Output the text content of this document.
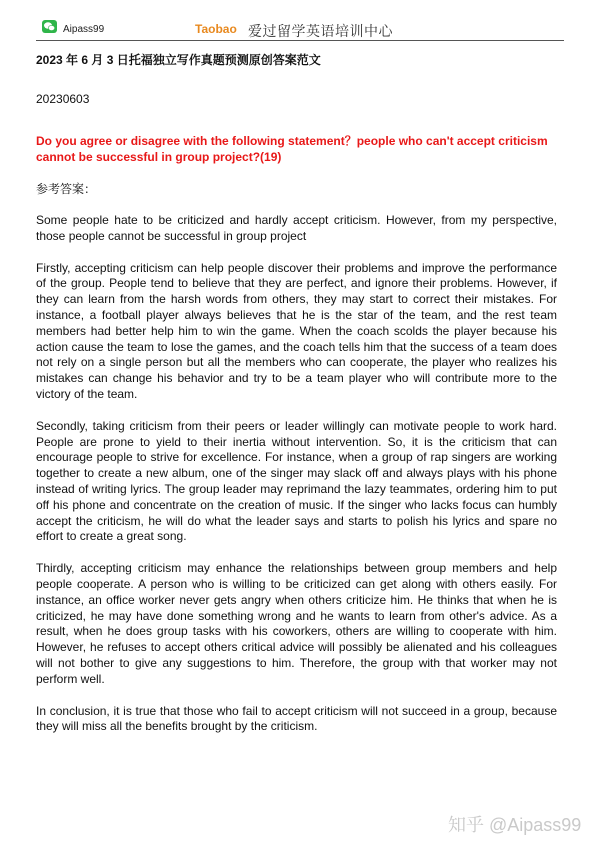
Aipass99	Taobao 爱过留学英语培训中心
2023 年 6 月 3 日托福独立写作真题预测原创答案范文
20230603
Do you agree or disagree with the following statement？people who can't accept criticism cannot be successful in group project?(19)
参考答案：

Some people hate to be criticized and hardly accept criticism. However, from my perspective, those people cannot be successful in group project

Firstly, accepting criticism can help people discover their problems and improve the performance of the group. People tend to believe that they are perfect, and ignore their problems. However, if they can learn from the harsh words from others, they may start to correct their mistakes. For instance, a football player always believes that he is the star of the team, and the rest team members had better help him to win the game. When the coach scolds the player because his action cause the team to lose the games, and the coach tells him that the success of a team does not rely on a single person but all the members who can cooperate, the player who realizes his mistakes can change his behavior and try to be a team player who will contribute more to the victory of the team.

Secondly, taking criticism from their peers or leader willingly can motivate people to work hard. People are prone to yield to their inertia without intervention. So, it is the criticism that can encourage people to strive for excellence. For instance, when a group of rap singers are working together to create a new album, one of the singer may slack off and always plays with his phone instead of writing lyrics. The group leader may reprimand the lazy teammates, ordering him to put off his phone and concentrate on the creation of music. If the singer who lacks focus can humbly accept the criticism, he will do what the leader says and starts to polish his lyrics and spare no effort to create a great song.

Thirdly, accepting criticism may enhance the relationships between group members and help people cooperate. A person who is willing to be criticized can get along with others easily. For instance, an office worker never gets angry when others criticize him. He thinks that when he is criticized, he may have done something wrong and he wants to learn from other's advice. As a result, when he does group tasks with his coworkers, others are willing to cooperate with him. However, he refuses to accept others critical advice will possibly be alienated and his colleagues will not bother to give any suggestions to him. Therefore, the group with that worker may not perform well.

In conclusion, it is true that those who fail to accept criticism will not succeed in a group, because they will miss all the benefits brought by the criticism.

知乎 @Aipass99
